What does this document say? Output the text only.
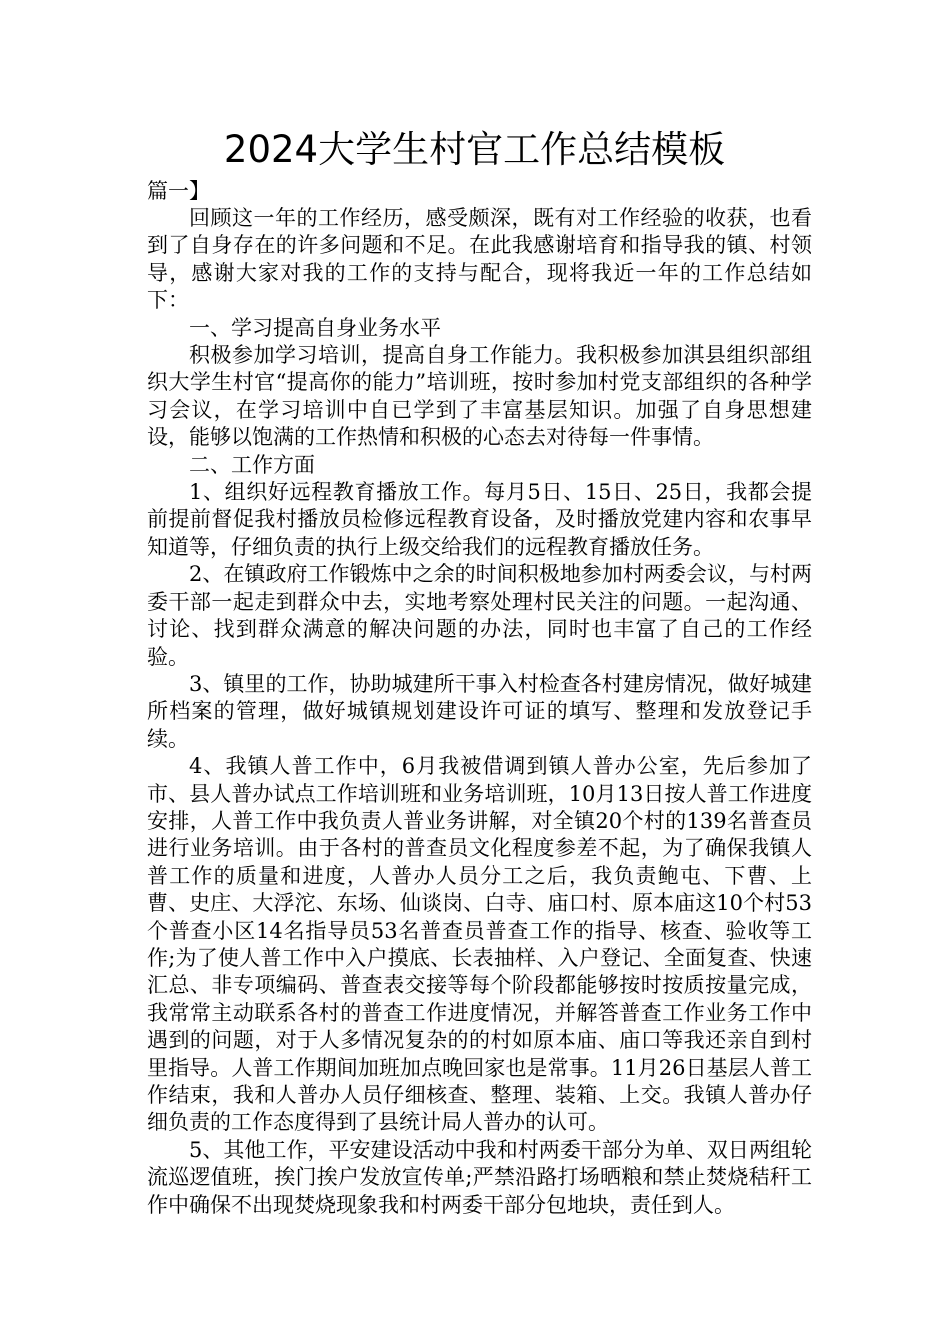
2024大学生村官工作总结模板

篇一】

回顾这一年的工作经历，感受颇深，既有对工作经验的收获，也看到了自身存在的许多问题和不足。在此我感谢培育和指导我的镇、村领导，感谢大家对我的工作的支持与配合，现将我近一年的工作总结如下：

一、学习提高自身业务水平

积极参加学习培训，提高自身工作能力。我积极参加淇县组织部组织大学生村官“提高你的能力”培训班，按时参加村党支部组织的各种学习会议，在学习培训中自已学到了丰富基层知识。加强了自身思想建设，能够以饱满的工作热情和积极的心态去对待每一件事情。

二、工作方面

1、组织好远程教育播放工作。每月5日、15日、25日，我都会提前提前督促我村播放员检修远程教育设备，及时播放党建内容和农事早知道等，仔细负责的执行上级交给我们的远程教育播放任务。

2、在镇政府工作锻炼中之余的时间积极地参加村两委会议，与村两委干部一起走到群众中去，实地考察处理村民关注的问题。一起沟通、讨论、找到群众满意的解决问题的办法，同时也丰富了自己的工作经验。

3、镇里的工作，协助城建所干事入村检查各村建房情况，做好城建所档案的管理，做好城镇规划建设许可证的填写、整理和发放登记手续。

4、我镇人普工作中，6月我被借调到镇人普办公室，先后参加了市、县人普办试点工作培训班和业务培训班，10月13日按人普工作进度安排，人普工作中我负责人普业务讲解，对全镇20个村的139名普查员进行业务培训。由于各村的普查员文化程度参差不起，为了确保我镇人普工作的质量和进度，人普办人员分工之后，我负责鲍屯、下曹、上曹、史庄、大浮沱、东场、仙谈岗、白寺、庙口村、原本庙这10个村53个普查小区14名指导员53名普查员普查工作的指导、核查、验收等工作;为了使人普工作中入户摸底、长表抽样、入户登记、全面复查、快速汇总、非专项编码、普查表交接等每个阶段都能够按时按质按量完成，我常常主动联系各村的普查工作进度情况，并解答普查工作业务工作中遇到的问题，对于人多情况复杂的的村如原本庙、庙口等我还亲自到村里指导。人普工作期间加班加点晚回家也是常事。11月26日基层人普工作结束，我和人普办人员仔细核查、整理、装箱、上交。我镇人普办仔细负责的工作态度得到了县统计局人普办的认可。

5、其他工作，平安建设活动中我和村两委干部分为单、双日两组轮流巡逻值班，挨门挨户发放宣传单;严禁沿路打场晒粮和禁止焚烧秸秆工作中确保不出现焚烧现象我和村两委干部分包地块，责任到人。
